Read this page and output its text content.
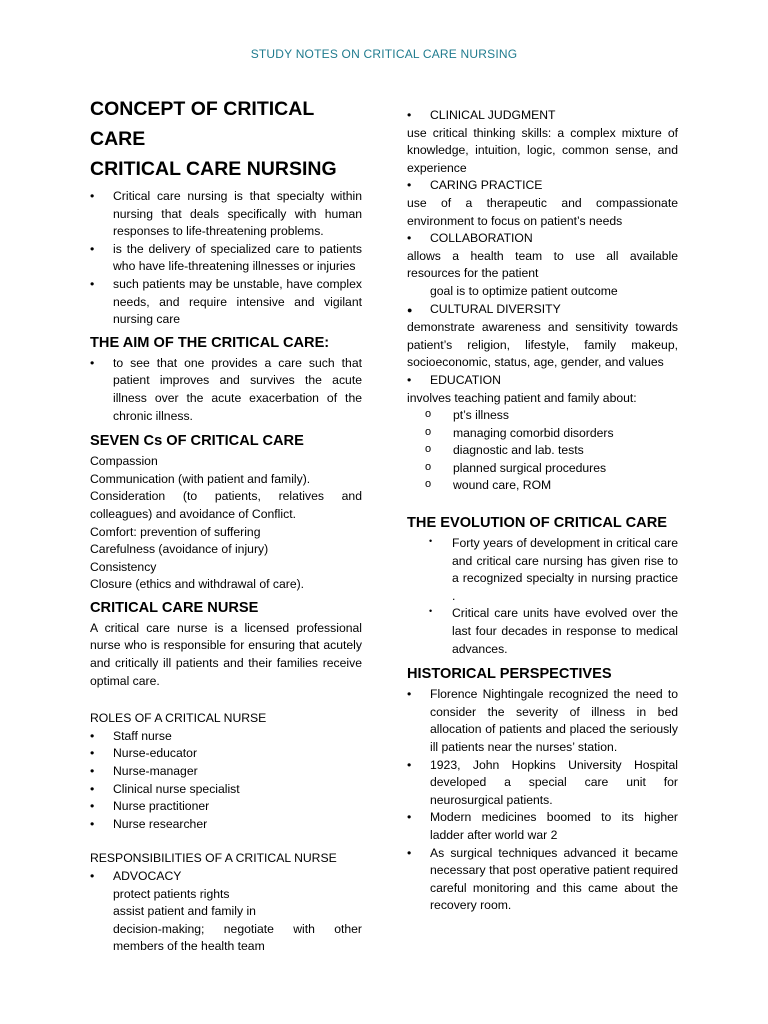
STUDY NOTES ON CRITICAL CARE NURSING
CONCEPT OF CRITICAL CARE
CRITICAL CARE NURSING
• Critical care nursing is that specialty within nursing that deals specifically with human responses to life-threatening problems.
• is the delivery of specialized care to patients who have life-threatening illnesses or injuries
• such patients may be unstable, have complex needs, and require intensive and vigilant nursing care
THE AIM OF THE CRITICAL CARE:
• to see that one provides a care such that patient improves and survives the acute illness over the acute exacerbation of the chronic illness.
SEVEN Cs OF CRITICAL CARE

Compassion

Communication (with patient and family).

Consideration (to patients, relatives and colleagues) and avoidance of Conflict.

Comfort: prevention of suffering

Carefulness (avoidance of injury)

Consistency

Closure (ethics and withdrawal of care).

CRITICAL CARE NURSE

A critical care nurse is a licensed professional nurse who is responsible for ensuring that acutely and critically ill patients and their families receive optimal care.

ROLES OF A CRITICAL NURSE
• Staff nurse
• Nurse-educator
• Nurse-manager
• Clinical nurse specialist
• Nurse practitioner
• Nurse researcher
RESPONSIBILITIES OF A CRITICAL NURSE
•
ADVOCACY

protect patients rights

assist patient and family in

decision-making; negotiate with other members of the health team

•
CLINICAL JUDGMENT

use critical thinking skills: a complex mixture of knowledge, intuition, logic, common sense, and experience

•
CARING PRACTICE

use of a therapeutic and compassionate environment to focus on patient’s needs

•
COLLABORATION

allows a health team to use all available resources for the patient

goal is to optimize patient outcome

●
CULTURAL DIVERSITY

demonstrate awareness and sensitivity towards patient’s religion, lifestyle, family makeup, socioeconomic, status, age, gender, and values

•
EDUCATION

involves teaching patient and family about:

o pt’s illness
o managing comorbid disorders
o diagnostic and lab. tests
o planned surgical procedures
o wound care, ROM
THE EVOLUTION OF CRITICAL CARE
• Forty years of development in critical care and critical care nursing has given rise to a recognized specialty in nursing practice .
• Critical care units have evolved over the last four decades in response to medical advances.
HISTORICAL PERSPECTIVES
• Florence Nightingale recognized the need to consider the severity of illness in bed allocation of patients and placed the seriously ill patients near the nurses’ station.
• 1923, John Hopkins University Hospital developed a special care unit for neurosurgical patients.
• Modern medicines boomed to its higher ladder after world war 2
• As surgical techniques advanced it became necessary that post operative patient required careful monitoring and this came about the recovery room.
